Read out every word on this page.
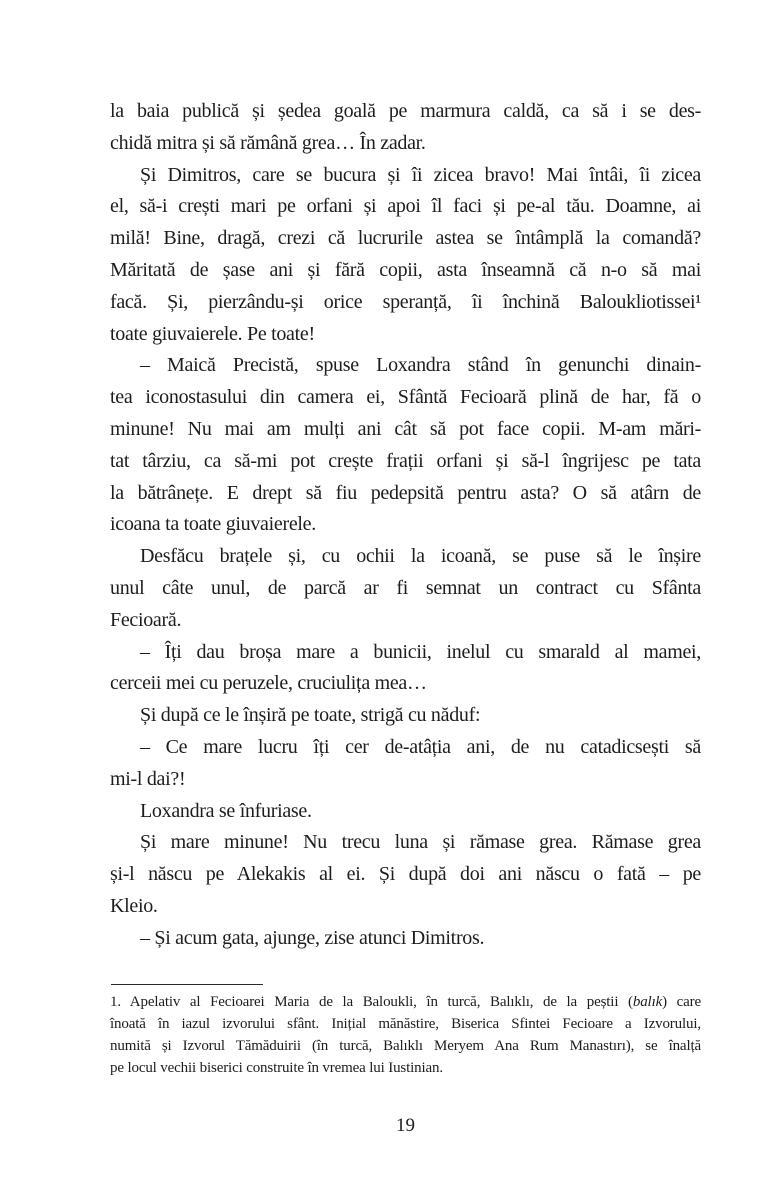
la baia publică și ședea goală pe marmura caldă, ca să i se des-
chidă mitra și să rămână grea… În zadar.
Și Dimitros, care se bucura și îi zicea bravo! Mai întâi, îi zicea
el, să-i crești mari pe orfani și apoi îl faci și pe-al tău. Doamne, ai
milă! Bine, dragă, crezi că lucrurile astea se întâmplă la comandă?
Măritată de șase ani și fără copii, asta înseamnă că n-o să mai
facă. Și, pierzându-și orice speranță, îi închină Baloukliotissei¹
toate giuvaierele. Pe toate!
– Maică Precistă, spuse Loxandra stând în genunchi dinain-
tea iconostasului din camera ei, Sfântă Fecioară plină de har, fă o
minune! Nu mai am mulți ani cât să pot face copii. M-am mări-
tat târziu, ca să-mi pot crește frații orfani și să-l îngrijesc pe tata
la bătrânețe. E drept să fiu pedepsită pentru asta? O să atârn de
icoana ta toate giuvaierele.
Desfăcu brațele și, cu ochii la icoană, se puse să le înșire
unul câte unul, de parcă ar fi semnat un contract cu Sfânta
Fecioară.
– Îți dau broșa mare a bunicii, inelul cu smarald al mamei,
cerceii mei cu peruzele, cruciulița mea…
Și după ce le înșiră pe toate, strigă cu năduf:
– Ce mare lucru îți cer de-atâția ani, de nu catadicsești să
mi-l dai?!
Loxandra se înfuriase.
Și mare minune! Nu trecu luna și rămase grea. Rămase grea
și-l născu pe Alekakis al ei. Și după doi ani născu o fată – pe
Kleio.
– Și acum gata, ajunge, zise atunci Dimitros.
1. Apelativ al Fecioarei Maria de la Baloukli, în turcă, Balıklı, de la peștii (balık) care
înoată în iazul izvorului sfânt. Inițial mănăstire, Biserica Sfintei Fecioare a Izvorului,
numită și Izvorul Tămăduirii (în turcă, Balıklı Meryem Ana Rum Manastırı), se înalță
pe locul vechii biserici construite în vremea lui Iustinian.
19
